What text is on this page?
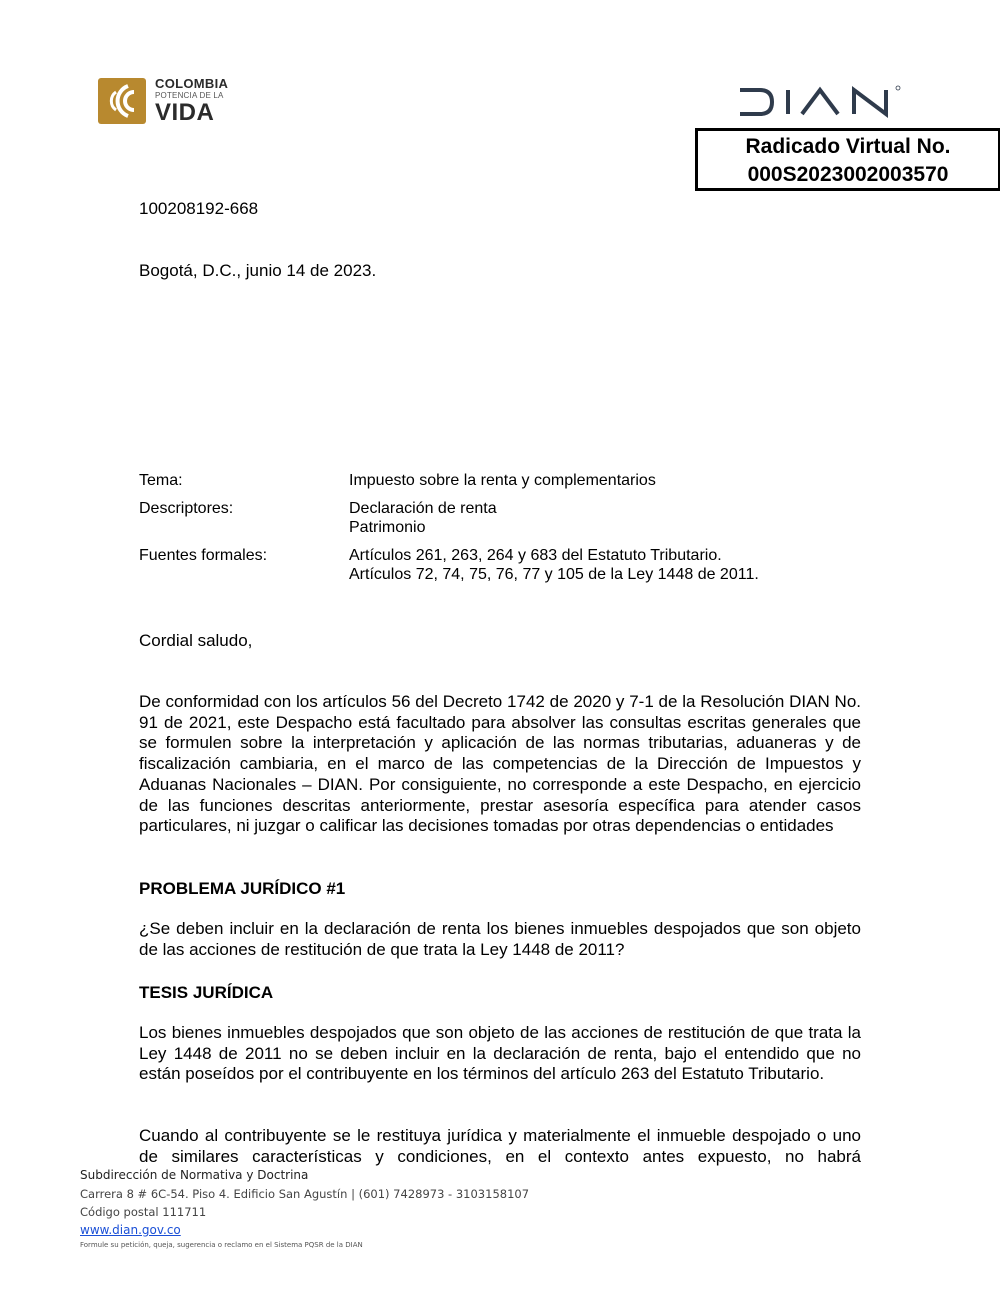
COLOMBIA
POTENCIA DE LA
VIDA
Radicado Virtual No.
000S2023002003570
100208192-668
Bogotá, D.C., junio 14 de 2023.
Tema:	Impuesto sobre la renta y complementarios
Descriptores:	Declaración de renta
Patrimonio
Fuentes formales:	Artículos 261, 263, 264 y 683 del Estatuto Tributario.
Artículos 72, 74, 75, 76, 77 y 105 de la Ley 1448 de 2011.
Cordial saludo,
De conformidad con los artículos 56 del Decreto 1742 de 2020 y 7-1 de la Resolución DIAN No. 91 de 2021, este Despacho está facultado para absolver las consultas escritas generales que se formulen sobre la interpretación y aplicación de las normas tributarias, aduaneras y de fiscalización cambiaria, en el marco de las competencias de la Dirección de Impuestos y Aduanas Nacionales – DIAN. Por consiguiente, no corresponde a este Despacho, en ejercicio de las funciones descritas anteriormente, prestar asesoría específica para atender casos particulares, ni juzgar o calificar las decisiones tomadas por otras dependencias o entidades
PROBLEMA JURÍDICO #1
¿Se deben incluir en la declaración de renta los bienes inmuebles despojados que son objeto de las acciones de restitución de que trata la Ley 1448 de 2011?
TESIS JURÍDICA
Los bienes inmuebles despojados que son objeto de las acciones de restitución de que trata la Ley 1448 de 2011 no se deben incluir en la declaración de renta, bajo el entendido que no están poseídos por el contribuyente en los términos del artículo 263 del Estatuto Tributario.
Cuando al contribuyente se le restituya jurídica y materialmente el inmueble despojado o uno de similares características y condiciones, en el contexto antes expuesto, no habrá
Subdirección de Normativa y Doctrina
Carrera 8 # 6C-54. Piso 4. Edificio San Agustín | (601) 7428973 - 3103158107
Código postal 111711
www.dian.gov.co
Formule su petición, queja, sugerencia o reclamo en el Sistema PQSR de la DIAN
